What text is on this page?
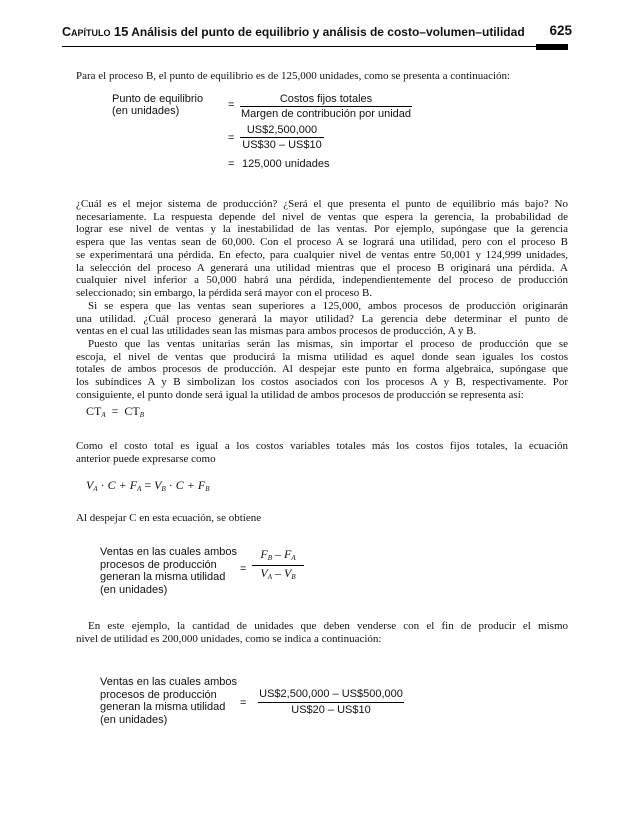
Capítulo 15 Análisis del punto de equilibrio y análisis de costo–volumen–utilidad 625
Para el proceso B, el punto de equilibrio es de 125,000 unidades, como se presenta a continuación:
Punto de equilibrio
(en unidades)	=	Costos fijos totales
Margen de contribución por unidad
=
US$2,500,000
US$30 – US$10
= 125,000 unidades
¿Cuál es el mejor sistema de producción? ¿Será el que presenta el punto de equilibrio más bajo? No
necesariamente. La respuesta depende del nivel de ventas que espera la gerencia, la probabilidad de
lograr ese nivel de ventas y la inestabilidad de las ventas. Por ejemplo, supóngase que la gerencia
espera que las ventas sean de 60,000. Con el proceso A se logrará una utilidad, pero con el proceso B
se experimentará una pérdida. En efecto, para cualquier nivel de ventas entre 50,001 y 124,999 unidades,
la selección del proceso A generará una utilidad mientras que el proceso B originará una pérdida. A
cualquier nivel inferior a 50,000 habrá una pérdida, independientemente del proceso de producción
seleccionado; sin embargo, la pérdida será mayor con el proceso B.
Si se espera que las ventas sean superiores a 125,000, ambos procesos de producción originarán
una utilidad. ¿Cuál proceso generará la mayor utilidad? La gerencia debe determinar el punto de
ventas en el cual las utilidades sean las mismas para ambos procesos de producción, A y B.
Puesto que las ventas unitarias serán las mismas, sin importar el proceso de producción que se
escoja, el nivel de ventas que producirá la misma utilidad es aquel donde sean iguales los costos
totales de ambos procesos de producción. Al despejar este punto en forma algebraica, supóngase que
los subíndices A y B simbolizan los costos asociados con los procesos A y B, respectivamente. Por
consiguiente, el punto donde será igual la utilidad de ambos procesos de producción se representa así:
$CT_A = CT_B$
Como el costo total es igual a los costos variables totales más los costos fijos totales, la ecuación
anterior puede expresarse como
$V_A \cdot C + F_A = V_B \cdot C + F_B$
Al despejar C en esta ecuación, se obtiene
Ventas en las cuales ambos
procesos de producción
generan la misma utilidad
(en unidades)
=
$F_B - F_A$
$V_A - V_B$
En este ejemplo, la cantidad de unidades que deben venderse con el fin de producir el mismo
nivel de utilidad es 200,000 unidades, como se indica a continuación:
Ventas en las cuales ambos
procesos de producción
generan la misma utilidad
(en unidades)
=
US$2,500,000 – US$500,000
US$20 – US$10
